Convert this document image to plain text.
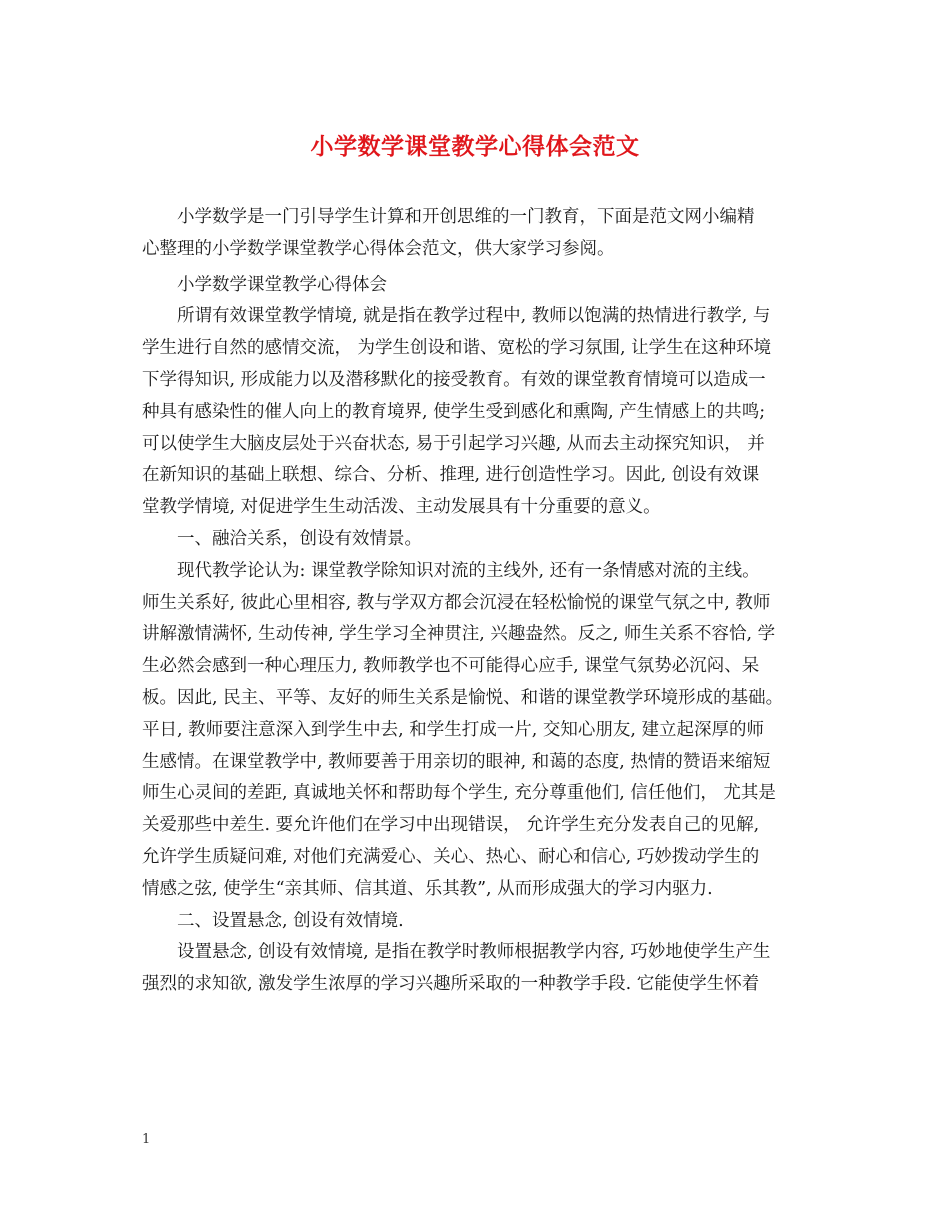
小学数学课堂教学心得体会范文

小学数学是一门引导学生计算和开创思维的一门教育，下面是范文网小编精
心整理的小学数学课堂教学心得体会范文，供大家学习参阅。

小学数学课堂教学心得体会

所谓有效课堂教学情境, 就是指在教学过程中, 教师以饱满的热情进行教学, 与
学生进行自然的感情交流， 为学生创设和谐、宽松的学习氛围, 让学生在这种环境
下学得知识, 形成能力以及潜移默化的接受教育。有效的课堂教育情境可以造成一
种具有感染性的催人向上的教育境界, 使学生受到感化和熏陶, 产生情感上的共鸣;
可以使学生大脑皮层处于兴奋状态, 易于引起学习兴趣, 从而去主动探究知识， 并
在新知识的基础上联想、综合、分析、推理, 进行创造性学习。因此, 创设有效课
堂教学情境, 对促进学生生动活泼、主动发展具有十分重要的意义。

一、融洽关系，创设有效情景。

现代教学论认为: 课堂教学除知识对流的主线外, 还有一条情感对流的主线。
师生关系好, 彼此心里相容, 教与学双方都会沉浸在轻松愉悦的课堂气氛之中, 教师
讲解激情满怀, 生动传神, 学生学习全神贯注, 兴趣盎然。反之, 师生关系不容恰, 学
生必然会感到一种心理压力, 教师教学也不可能得心应手, 课堂气氛势必沉闷、呆
板。因此, 民主、平等、友好的师生关系是愉悦、和谐的课堂教学环境形成的基础。
平日, 教师要注意深入到学生中去, 和学生打成一片, 交知心朋友, 建立起深厚的师
生感情。在课堂教学中, 教师要善于用亲切的眼神, 和蔼的态度, 热情的赞语来缩短
师生心灵间的差距, 真诚地关怀和帮助每个学生, 充分尊重他们, 信任他们， 尤其是
关爱那些中差生. 要允许他们在学习中出现错误， 允许学生充分发表自己的见解,
允许学生质疑问难, 对他们充满爱心、关心、热心、耐心和信心, 巧妙拨动学生的
情感之弦, 使学生“亲其师、信其道、乐其教”, 从而形成强大的学习内驱力.

二、设置悬念, 创设有效情境.

设置悬念, 创设有效情境, 是指在教学时教师根据教学内容, 巧妙地使学生产生
强烈的求知欲, 激发学生浓厚的学习兴趣所采取的一种教学手段. 它能使学生怀着

1
